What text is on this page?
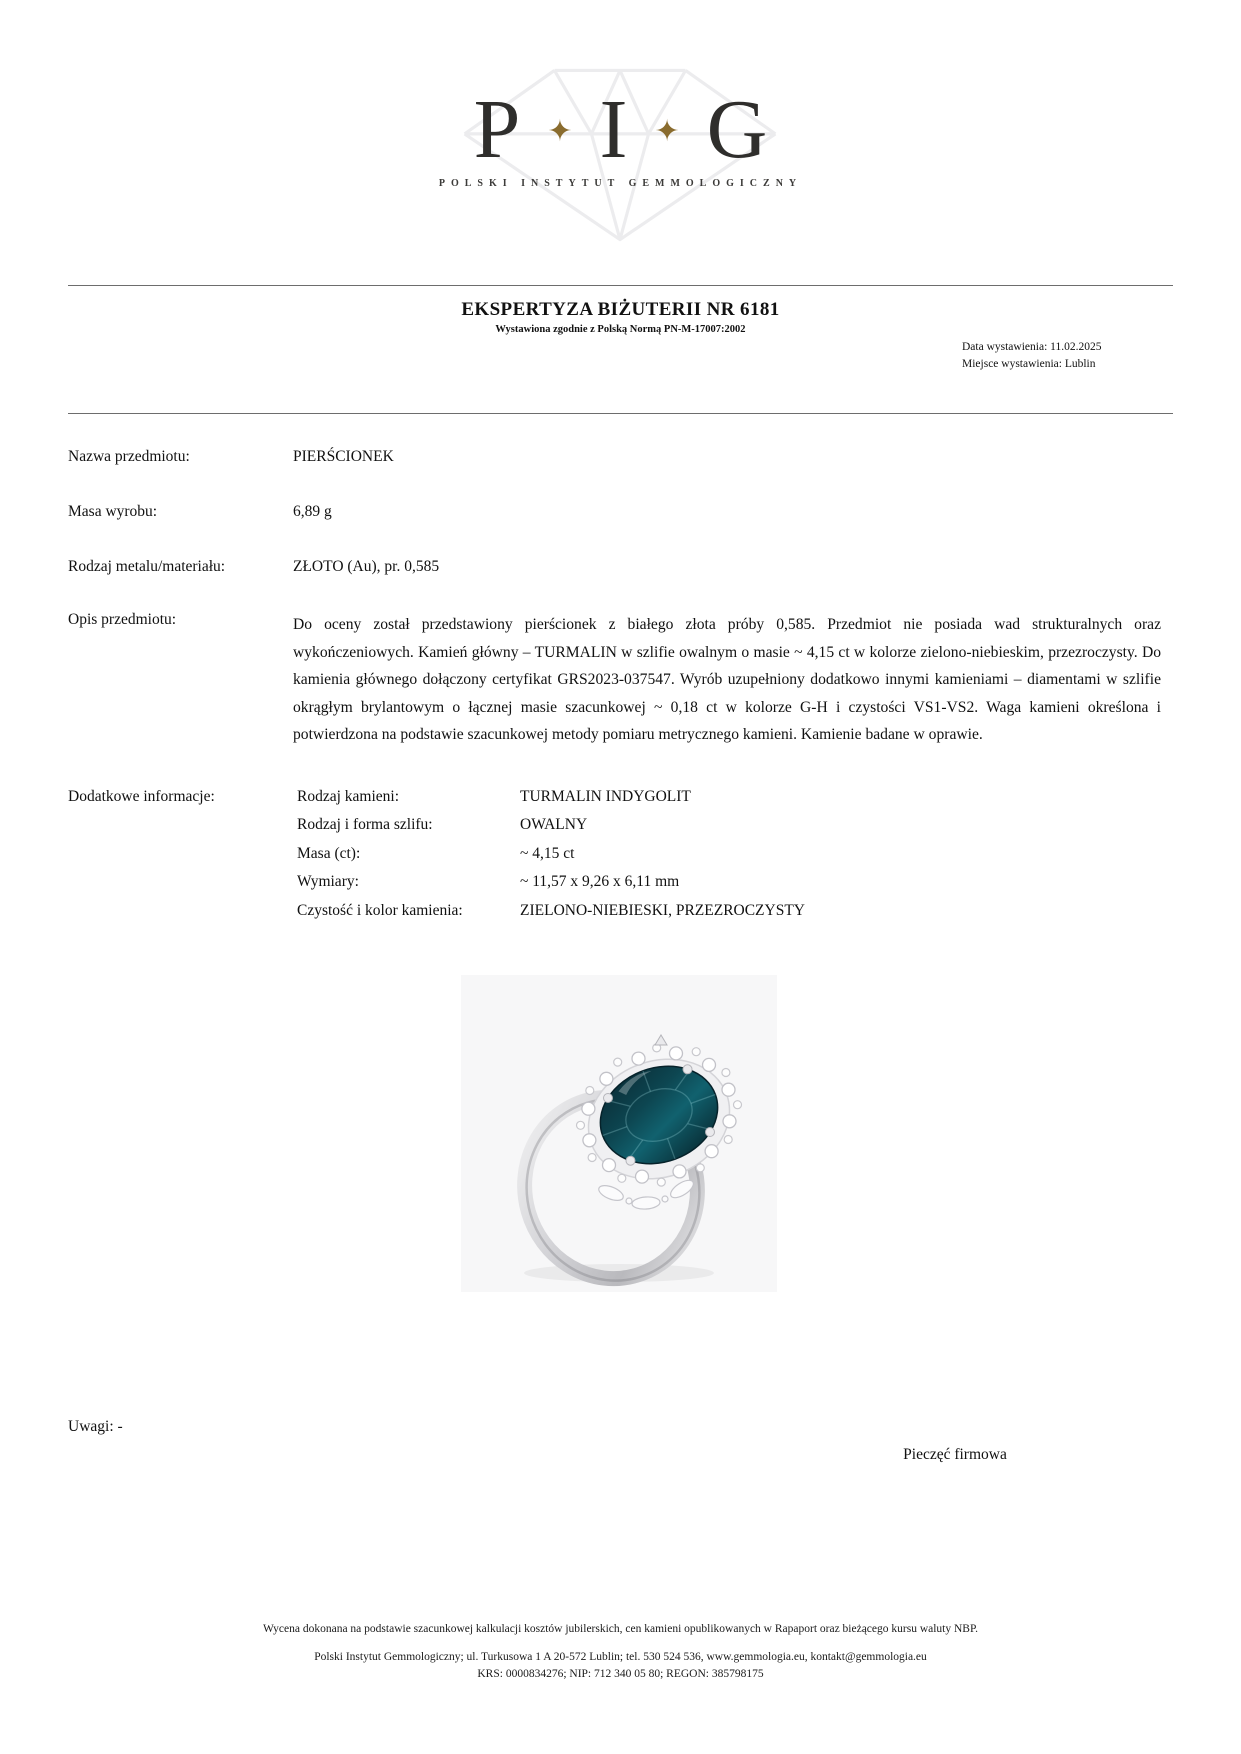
P ✦ I ✦ G
POLSKI INSTYTUT GEMMOLOGICZNY
EKSPERTYZA BIŻUTERII NR 6181
Wystawiona zgodnie z Polską Normą PN-M-17007:2002
Data wystawienia: 11.02.2025
Miejsce wystawienia: Lublin
Nazwa przedmiotu:	PIERŚCIONEK
Masa wyrobu:	6,89 g
Rodzaj metalu/materiału:	ZŁOTO (Au), pr. 0,585
Opis przedmiotu:	Do oceny został przedstawiony pierścionek z białego złota próby 0,585. Przedmiot nie posiada wad strukturalnych oraz wykończeniowych. Kamień główny – TURMALIN w szlifie owalnym o masie ~ 4,15 ct w kolorze zielono-niebieskim, przezroczysty. Do kamienia głównego dołączony certyfikat GRS2023-037547. Wyrób uzupełniony dodatkowo innymi kamieniami – diamentami w szlifie okrągłym brylantowym o łącznej masie szacunkowej ~ 0,18 ct w kolorze G-H i czystości VS1-VS2. Waga kamieni określona i potwierdzona na podstawie szacunkowej metody pomiaru metrycznego kamieni. Kamienie badane w oprawie.
Dodatkowe informacje:	Rodzaj kamieni:	TURMALIN INDYGOLIT
Rodzaj i forma szlifu:	OWALNY
Masa (ct):	~ 4,15 ct
Wymiary:	~ 11,57 x 9,26 x 6,11 mm
Czystość i kolor kamienia:	ZIELONO-NIEBIESKI, PRZEZROCZYSTY
Uwagi: -
Pieczęć firmowa
Wycena dokonana na podstawie szacunkowej kalkulacji kosztów jubilerskich, cen kamieni opublikowanych w Rapaport oraz bieżącego kursu waluty NBP.
Polski Instytut Gemmologiczny; ul. Turkusowa 1 A 20-572 Lublin; tel. 530 524 536, www.gemmologia.eu, kontakt@gemmologia.eu
KRS: 0000834276; NIP: 712 340 05 80; REGON: 385798175
